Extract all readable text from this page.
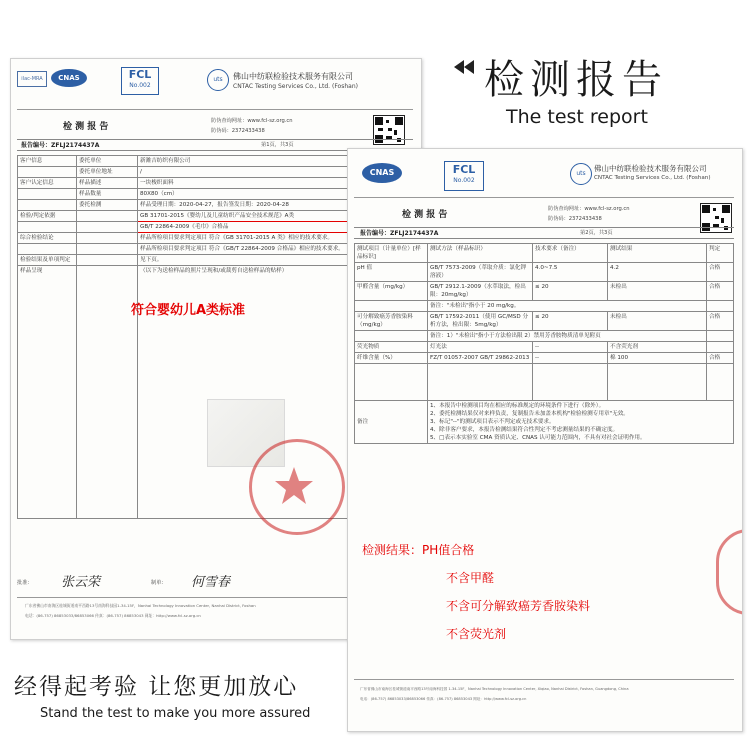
检测报告
The test report
ilac-MRA	CNAS	FCL
No.002
uts	佛山中纺联检验技术服务有限公司
CNTAC Testing Services Co., Ltd. (Foshan)
检 测 报 告
防伪查询网址：www.fcl-sz.org.cn
防伪码：2372433438
报告编号：ZFLJ2174437A	第1页，共3页
客户信息	委托单位	新潍吉纺织有限公司
	委托单位地址	/
客户认定信息	样品描述	一块梭织面料
	样品数量	80X80（cm）
	委托检测	样品受理日期：2020-04-27，报告签发日期：2020-04-28
检验/判定依据		GB 31701-2015《婴幼儿及儿童纺织产品安全技术规范》A类
		GB/T 22864-2009《毛巾》合格品
综合检验结论		样品所检项目要求判定项目 符合《GB 31701-2015 A 类》相应的技术要求。
		样品所检项目要求判定项目 符合《GB/T 22864-2009 合格品》相应的技术要求。
检验结果及单项判定		见下页。
样品呈现		（以下为送检样品的照片呈现和/或裁剪自送检样品的贴样）
符合婴幼儿A类标准
批准： 张云荣	制单： 何雪春
广东省佛山市南海区桂城街道南平西路13号南海科技园1-34-15F，Nanhai Technology Innovation Center, Nanhai District, Foshan
电话：(86-757) 86853033/86853066 传真：(86-757) 86853043 网址：http://www.fcl-sz.org.cn
CNAS	FCL
No.002
uts
佛山中纺联检验技术服务有限公司
CNTAC Testing Services Co., Ltd. (Foshan)
检 测 报 告
防伪查询网址：www.fcl-sz.org.cn
防伪码：2372433438
报告编号：ZFLJ2174437A	第2页，共3页
测试项目（计量单位）[样品标识]	测试方法（样品标识）	技术要求（备注）	测试结果	判定
pH 值	GB/T 7573-2009（萃取介质：氯化钾溶液）	4.0~7.5	4.2	合格
甲醛含量（mg/kg）	GB/T 2912.1-2009（水萃取法，检出限：20mg/kg）	≤ 20	未检出	合格
	备注："未检出"指小于 20 mg/kg。			
可分解致癌芳香胺染料（mg/kg）	GB/T 17592-2011（使用 GC/MSD 分析方法，检出限：5mg/kg）	≤ 20	未检出	合格
	备注：1）"未检出"指小于方法检出限 2）禁用芳香胺物质清单见附页			
荧光物质	灯光法	--	不含荧光剂	
纤维含量（%）	FZ/T 01057-2007 GB/T 29862-2013	--	棉 100	合格

备注	1、本报告中检测项目均在相应的标准规定的环境条件下进行（除外）。
2、委托检测结果仅对来样负责，复制报告未加盖本机构"检验检测专用章"无效。
3、标记"--"的测试项目表示不判定或无技术要求。
4、除非客户要求，本报告检测结果符合性判定不考虑测量结果的不确定度。
5、□表示本实验室 CMA 资质认定、CNAS 认可能力范围内，不具有对社会证明作用。			
检测结果：PH值合格
不含甲醛
不含可分解致癌芳香胺染料
不含荧光剂
广东省佛山市南海区桂城街道南平西路13号南海科技园 1-34-15F，Nanhai Technology Innovation Center, Xiqiao, Nanhai District, Foshan, Guangdong, China
电话：(86-757) 86853033/86853066 传真：(86-757) 86853043 网址：http://www.fcl-sz.org.cn
经得起考验 让您更加放心
Stand the test to make you more assured
